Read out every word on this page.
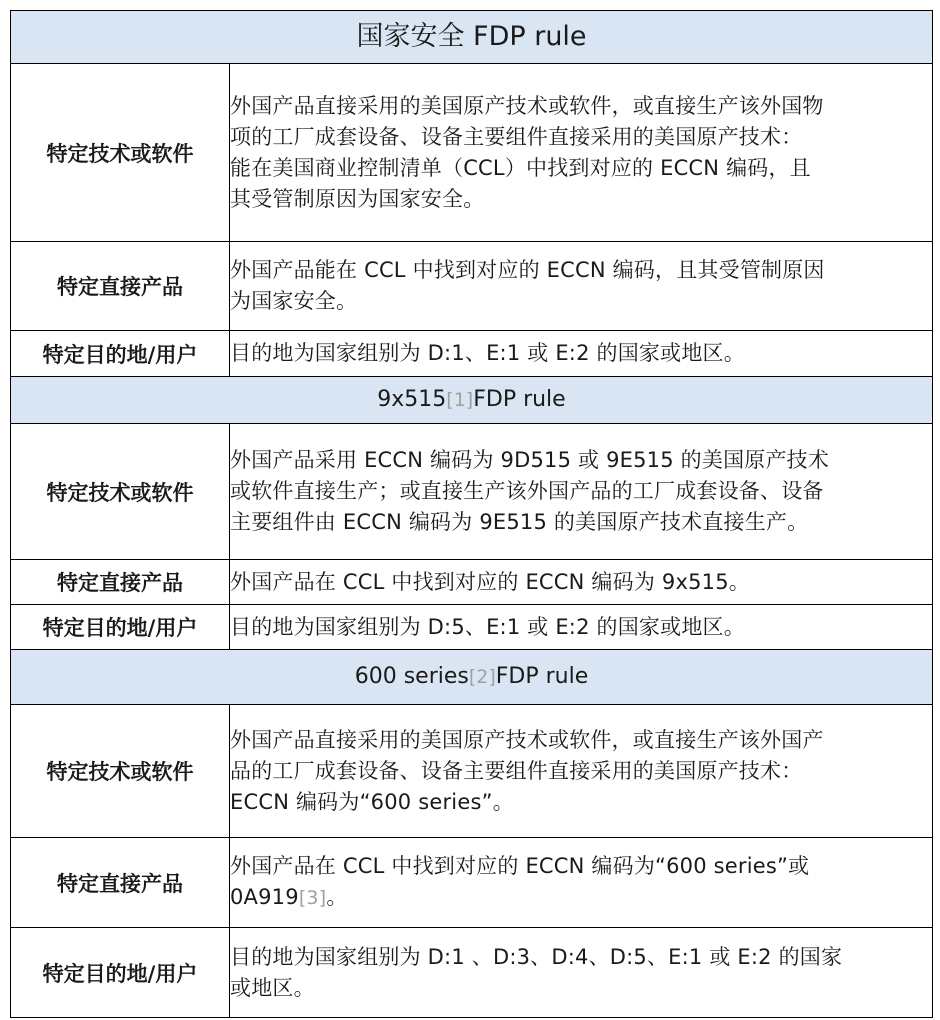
国家安全 FDP rule	
特定技术或软件	外国产品直接采用的美国原产技术或软件，或直接生产该外国物
项的工厂成套设备、设备主要组件直接采用的美国原产技术：
能在美国商业控制清单（CCL）中找到对应的 ECCN 编码，且
其受管制原因为国家安全。

特定直接产品	外国产品能在 CCL 中找到对应的 ECCN 编码，且其受管制原因
为国家安全。

特定目的地/用户	目的地为国家组别为 D:1、E:1 或 E:2 的国家或地区。

9x515[1]FDP rule	
特定技术或软件	外国产品采用 ECCN 编码为 9D515 或 9E515 的美国原产技术
或软件直接生产；或直接生产该外国产品的工厂成套设备、设备
主要组件由 ECCN 编码为 9E515 的美国原产技术直接生产。

特定直接产品	外国产品在 CCL 中找到对应的 ECCN 编码为 9x515。

特定目的地/用户	目的地为国家组别为 D:5、E:1 或 E:2 的国家或地区。

600 series[2]FDP rule	
特定技术或软件	外国产品直接采用的美国原产技术或软件，或直接生产该外国产
品的工厂成套设备、设备主要组件直接采用的美国原产技术：
ECCN 编码为“600 series”。

特定直接产品	外国产品在 CCL 中找到对应的 ECCN 编码为“600 series”或
0A919[3]。

特定目的地/用户	目的地为国家组别为 D:1 、D:3、D:4、D:5、E:1 或 E:2 的国家
或地区。
